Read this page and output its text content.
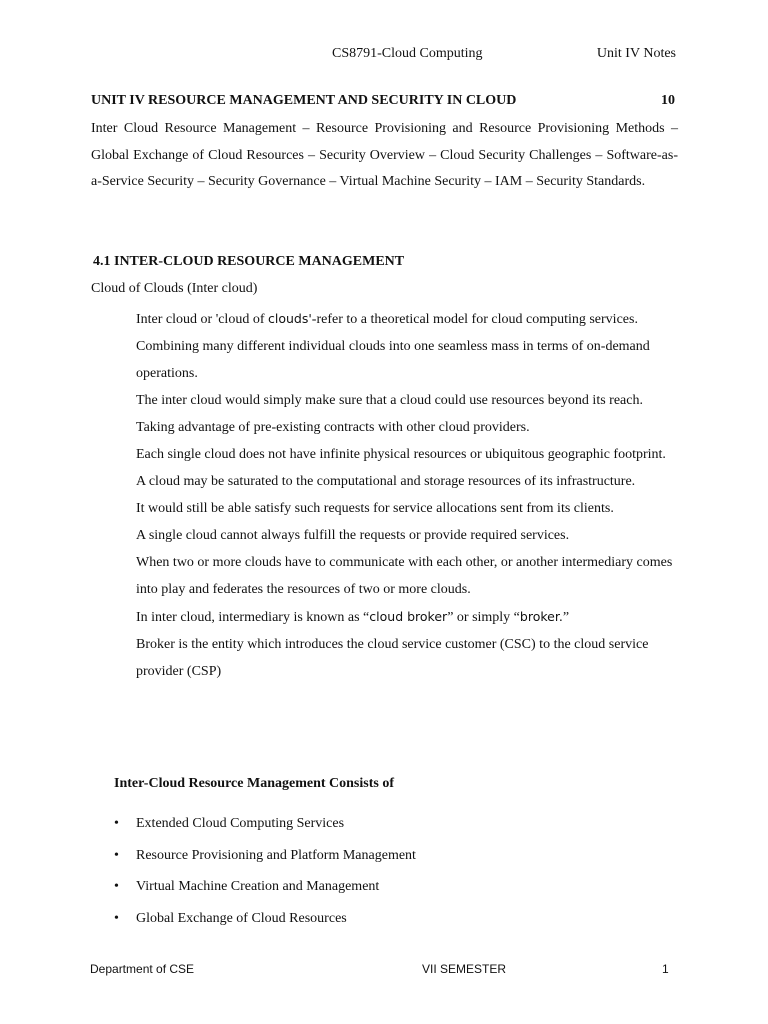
CS8791-Cloud Computing	Unit IV Notes
UNIT IV RESOURCE MANAGEMENT AND SECURITY IN CLOUD	10
Inter Cloud Resource Management – Resource Provisioning and Resource Provisioning Methods – Global Exchange of Cloud Resources – Security Overview – Cloud Security Challenges – Software-as-a-Service Security – Security Governance – Virtual Machine Security – IAM – Security Standards.
4.1 INTER-CLOUD RESOURCE MANAGEMENT
Cloud of Clouds (Inter cloud)
Inter cloud or 'cloud of clouds'-refer to a theoretical model for cloud computing services.
Combining many different individual clouds into one seamless mass in terms of on-demand operations.
The inter cloud would simply make sure that a cloud could use resources beyond its reach.
Taking advantage of pre-existing contracts with other cloud providers.
Each single cloud does not have infinite physical resources or ubiquitous geographic footprint.
A cloud may be saturated to the computational and storage resources of its infrastructure.
It would still be able satisfy such requests for service allocations sent from its clients.
A single cloud cannot always fulfill the requests or provide required services.
When two or more clouds have to communicate with each other, or another intermediary comes into play and federates the resources of two or more clouds.
In inter cloud, intermediary is known as “cloud broker” or simply “broker.”
Broker is the entity which introduces the cloud service customer (CSC) to the cloud service provider (CSP)
Inter-Cloud Resource Management Consists of
• Extended Cloud Computing Services
• Resource Provisioning and Platform Management
• Virtual Machine Creation and Management
• Global Exchange of Cloud Resources
Department of CSE	VII SEMESTER	1
